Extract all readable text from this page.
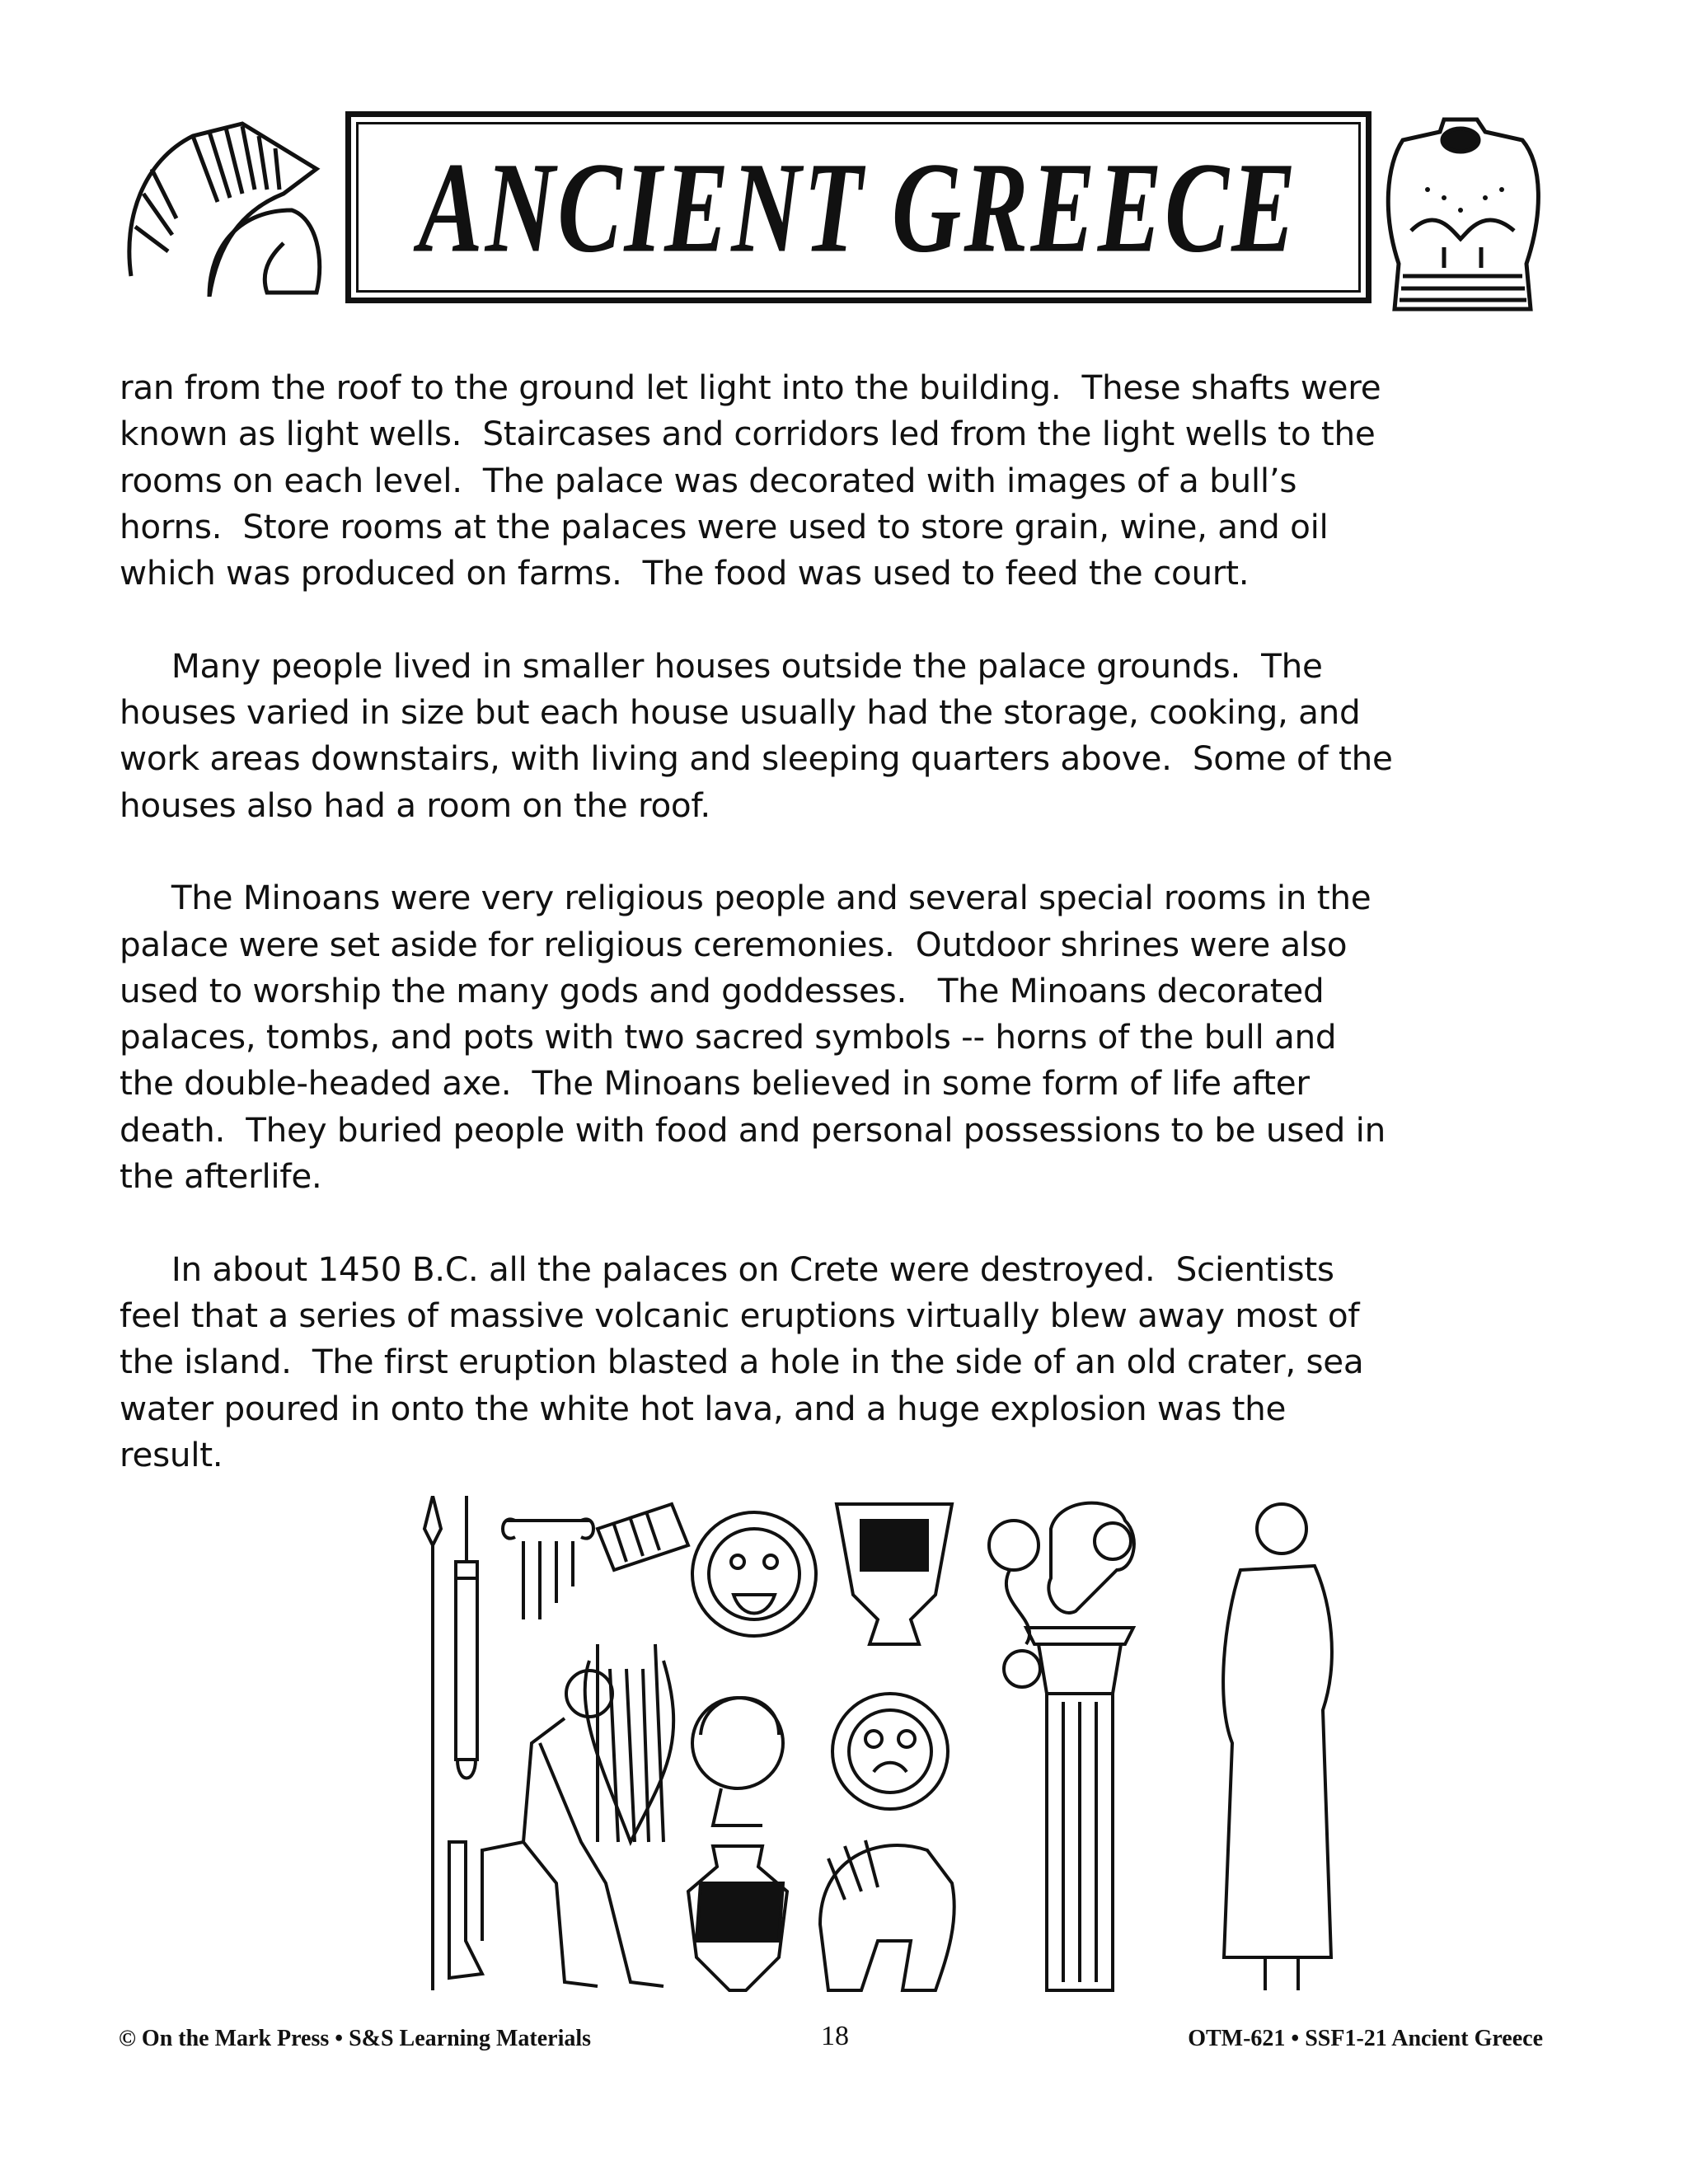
ANCIENT GREECE
ran from the roof to the ground let light into the building.  These shafts were
known as light wells.  Staircases and corridors led from the light wells to the
rooms on each level.  The palace was decorated with images of a bull’s
horns.  Store rooms at the palaces were used to store grain, wine, and oil
which was produced on farms.  The food was used to feed the court.
Many people lived in smaller houses outside the palace grounds.  The
houses varied in size but each house usually had the storage, cooking, and
work areas downstairs, with living and sleeping quarters above.  Some of the
houses also had a room on the roof.
The Minoans were very religious people and several special rooms in the
palace were set aside for religious ceremonies.  Outdoor shrines were also
used to worship the many gods and goddesses.   The Minoans decorated
palaces, tombs, and pots with two sacred symbols -- horns of the bull and
the double-headed axe.  The Minoans believed in some form of life after
death.  They buried people with food and personal possessions to be used in
the afterlife.
In about 1450 B.C. all the palaces on Crete were destroyed.  Scientists
feel that a series of massive volcanic eruptions virtually blew away most of
the island.  The first eruption blasted a hole in the side of an old crater, sea
water poured in onto the white hot lava, and a huge explosion was the
result.
© On the Mark Press • S&S Learning Materials	18	OTM-621 • SSF1-21 Ancient Greece
